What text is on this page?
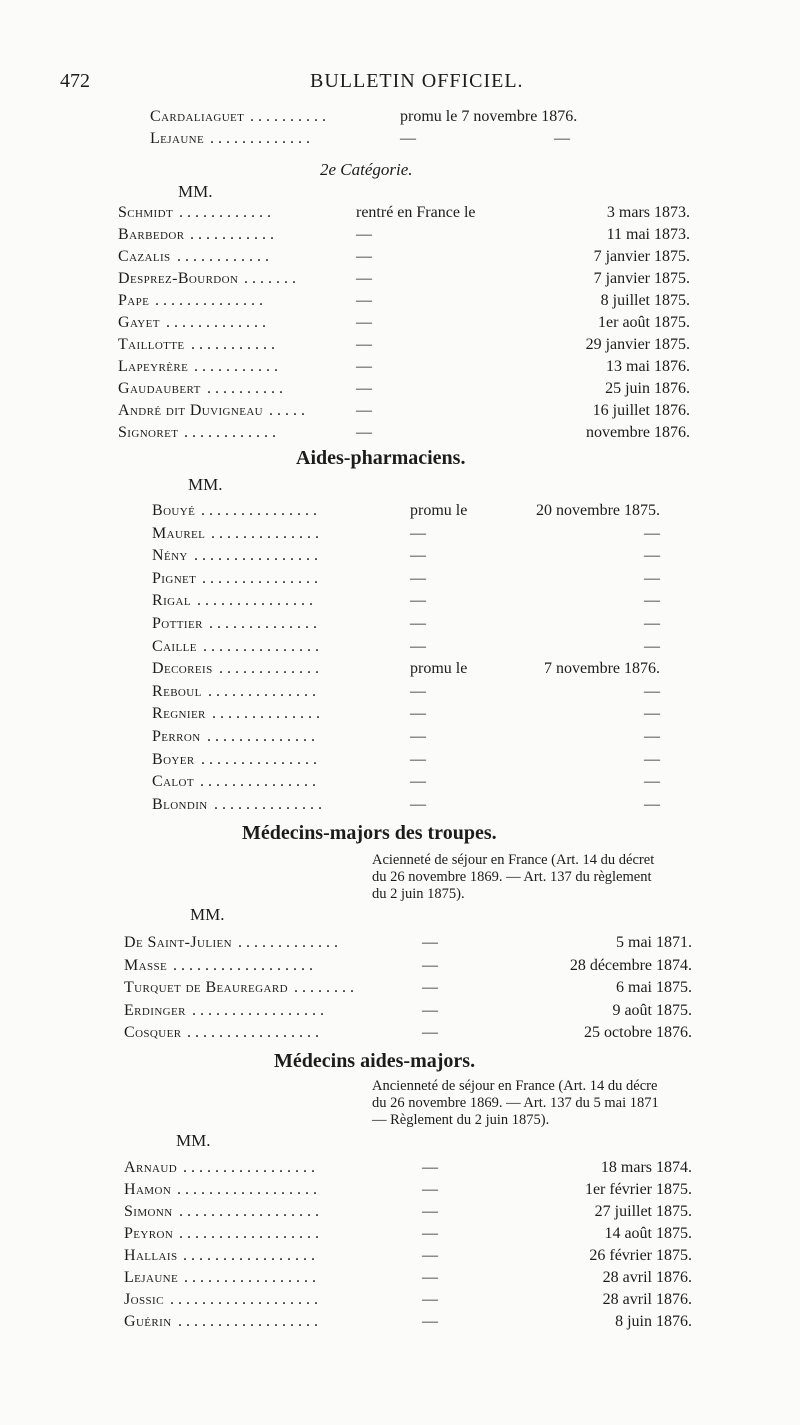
472	BULLETIN OFFICIEL.
Cardaliaguet ..........	promu le 7 novembre 1876.
Lejaune .............	—	—
2e Catégorie.
MM.
Schmidt ............	rentré en France le	3 mars 1873.
Barbedor ...........	—	11 mai 1873.
Cazalis ............	—	7 janvier 1875.
Desprez-Bourdon .......	—	7 janvier 1875.
Pape ..............	—	8 juillet 1875.
Gayet .............	—	1er août 1875.
Taillotte ...........	—	29 janvier 1875.
Lapeyrère ...........	—	13 mai 1876.
Gaudaubert ..........	—	25 juin 1876.
André dit Duvigneau .....	—	16 juillet 1876.
Signoret ............	—	novembre 1876.
Aides-pharmaciens.
MM.
Bouyé ...............	promu le	20 novembre 1875.
Maurel ..............	—	—
Nény ................	—	—
Pignet ...............	—	—
Rigal ...............	—	—
Pottier ..............	—	—
Caille ...............	—	—
Decoreis .............	promu le	7 novembre 1876.
Reboul ..............	—	—
Regnier ..............	—	—
Perron ..............	—	—
Boyer ...............	—	—
Calot ...............	—	—
Blondin ..............	—	—
Médecins-majors des troupes.
Acienneté de séjour en France (Art. 14 du décret
du 26 novembre 1869. — Art. 137 du règlement
du 2 juin 1875).
MM.
De Saint-Julien .............	—	5 mai 1871.
Masse ..................	—	28 décembre 1874.
Turquet de Beauregard ........	—	6 mai 1875.
Erdinger .................	—	9 août 1875.
Cosquer .................	—	25 octobre 1876.
Médecins aides-majors.
Ancienneté de séjour en France (Art. 14 du décre
du 26 novembre 1869. — Art. 137 du 5 mai 1871
— Règlement du 2 juin 1875).
MM.
Arnaud .................	—	18 mars 1874.
Hamon ..................	—	1er février 1875.
Simonn ..................	—	27 juillet 1875.
Peyron ..................	—	14 août 1875.
Hallais .................	—	26 février 1875.
Lejaune .................	—	28 avril 1876.
Jossic ...................	—	28 avril 1876.
Guérin ..................	—	8 juin 1876.
